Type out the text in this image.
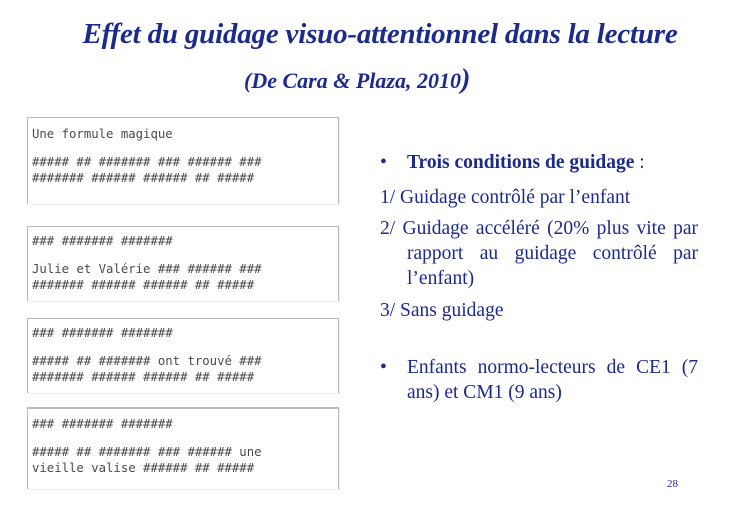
Effet du guidage visuo-attentionnel dans la lecture
(De Cara & Plaza, 2010)
Une formule magique
##### ## ####### ### ###### ###
####### ###### ###### ## #####
### ####### #######
Julie et Valérie ### ###### ###
####### ###### ###### ## #####
### ####### #######
##### ## ####### ont trouvé ###
####### ###### ###### ## #####
### ####### #######
##### ## ####### ### ###### une
vieille valise ###### ## #####
• Trois conditions de guidage :
1/ Guidage contrôlé par l’enfant
2/ Guidage accéléré (20% plus vite par rapport au guidage contrôlé par l’enfant)
3/ Sans guidage
• Enfants normo-lecteurs de CE1 (7 ans) et CM1 (9 ans)
28
